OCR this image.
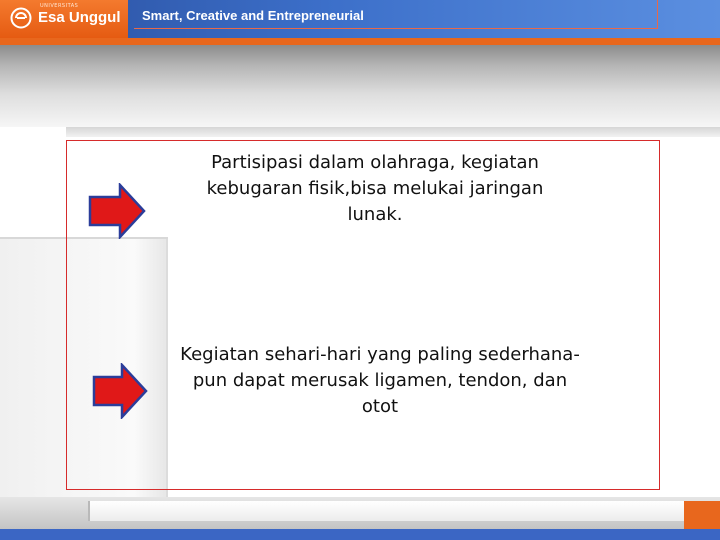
UNIVERSITAS
Esa Unggul Smart, Creative and Entrepreneurial
Partisipasi dalam olahraga, kegiatan kebugaran fisik,bisa melukai jaringan lunak.
Kegiatan sehari-hari yang paling sederhana-pun dapat merusak ligamen, tendon, dan otot
